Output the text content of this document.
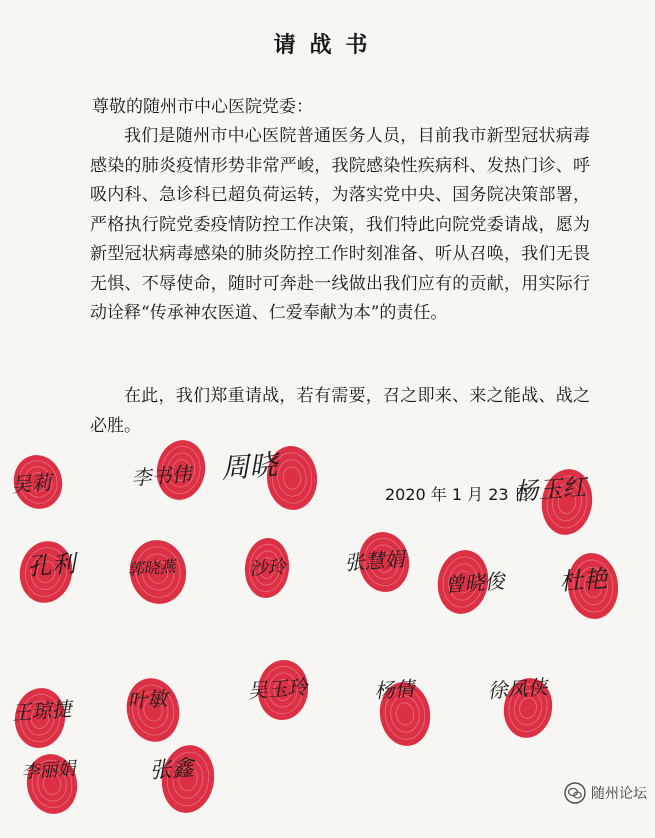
请战书
尊敬的随州市中心医院党委：
我们是随州市中心医院普通医务人员，目前我市新型冠状病毒感染的肺炎疫情形势非常严峻，我院感染性疾病科、发热门诊、呼吸内科、急诊科已超负荷运转，为落实党中央、国务院决策部署，严格执行院党委疫情防控工作决策，我们特此向院党委请战，愿为新型冠状病毒感染的肺炎防控工作时刻准备、听从召唤，我们无畏无惧、不辱使命，随时可奔赴一线做出我们应有的贡献，用实际行动诠释“传承神农医道、仁爱奉献为本”的责任。
在此，我们郑重请战，若有需要，召之即来、来之能战、战之必胜。
2020 年 1 月 23 日
吴莉	李书伟 周晓
杨玉红
孔利	郭晓燕	沙玲	张慧娟
曾晓俊 杜艳
王琼捷	叶敏	吴玉玲	杨倩	徐凤侠
李丽娟	张鑫
随州论坛
